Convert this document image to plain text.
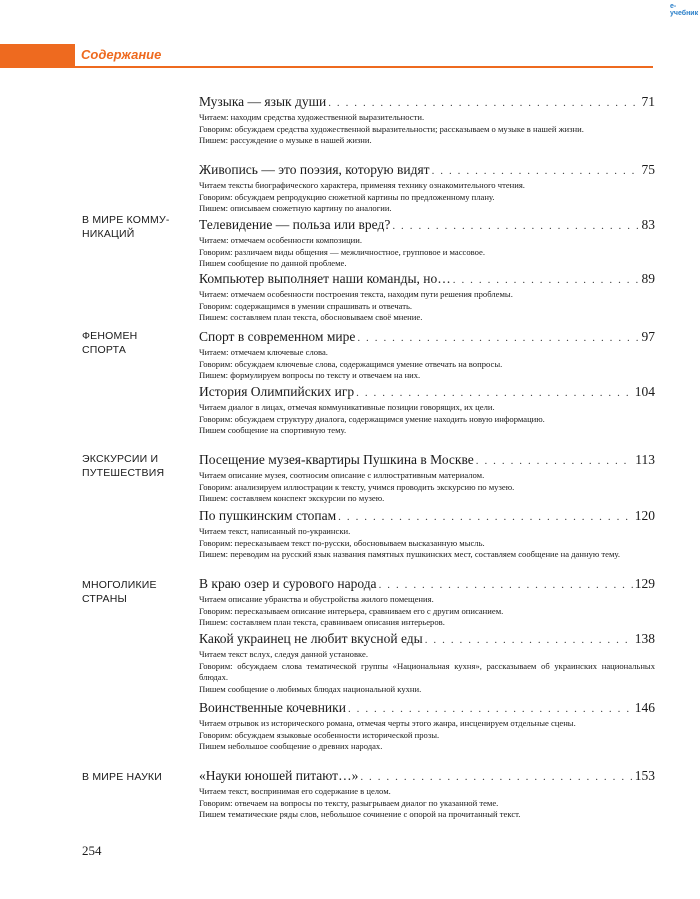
e-учебник
Содержание
В МИРЕ КОММУ- НИКАЦИЙ
ФЕНОМЕН СПОРТА
ЭКСКУРСИИ И ПУТЕШЕСТВИЯ
МНОГОЛИКИЕ СТРАНЫ
В МИРЕ НАУКИ
Музыка — язык души . . .	71
Читаем: находим средства художественной выразительности.
Говорим: обсуждаем средства художественной выразительности; рассказываем о музыке в нашей жизни.
Пишем: рассуждение о музыке в нашей жизни.
Живопись — это поэзия, которую видят . . .	75
Читаем тексты биографического характера, применяя технику ознакомительного чтения.
Говорим: обсуждаем репродукцию сюжетной картины по предложенному плану.
Пишем: описываем сюжетную картину по аналогии.
Телевидение — польза или вред? . . .	83
Читаем: отмечаем особенности композиции.
Говорим: различаем виды общения — межличностное, групповое и массовое.
Пишем сообщение по данной проблеме.
Компьютер выполняет наши команды, но… . . .	89
Читаем: отмечаем особенности построения текста, находим пути решения проблемы.
Говорим: содержащимся в умении спрашивать и отвечать.
Пишем: составляем план текста, обосновываем своё мнение.
Спорт в современном мире . . .	97
Читаем: отмечаем ключевые слова.
Говорим: обсуждаем ключевые слова, содержащимся умение отвечать на вопросы.
Пишем: формулируем вопросы по тексту и отвечаем на них.
История Олимпийских игр . . .	104
Читаем диалог в лицах, отмечая коммуникативные позиции говорящих, их цели.
Говорим: обсуждаем структуру диалога, содержащимся умение находить новую информацию.
Пишем сообщение на спортивную тему.
Посещение музея-квартиры Пушкина в Москве . . .	113
Читаем описание музея, соотносим описание с иллюстративным материалом.
Говорим: анализируем иллюстрации к тексту, учимся проводить экскурсию по музею.
Пишем: составляем конспект экскурсии по музею.
По пушкинским стопам . . .	120
Читаем текст, написанный по-украински.
Говорим: пересказываем текст по-русски, обосновываем высказанную мысль.
Пишем: переводим на русский язык названия памятных пушкинских мест, составляем сообщение на данную тему.
В краю озер и сурового народа . . .	129
Читаем описание убранства и обустройства жилого помещения.
Говорим: пересказываем описание интерьера, сравниваем его с другим описанием.
Пишем: составляем план текста, сравниваем описания интерьеров.
Какой украинец не любит вкусной еды . . .	138
Читаем текст вслух, следуя данной установке.
Говорим: обсуждаем слова тематической группы «Национальная кухня», рассказываем об украинских национальных блюдах.
Пишем сообщение о любимых блюдах национальной кухни.
Воинственные кочевники . . .	146
Читаем отрывок из исторического романа, отмечая черты этого жанра, инсценируем отдельные сцены.
Говорим: обсуждаем языковые особенности исторической прозы.
Пишем небольшое сообщение о древних народах.
«Науки юношей питают…» . . .	153
Читаем текст, воспринимая его содержание в целом.
Говорим: отвечаем на вопросы по тексту, разыгрываем диалог по указанной теме.
Пишем тематические ряды слов, небольшое сочинение с опорой на прочитанный текст.
254
